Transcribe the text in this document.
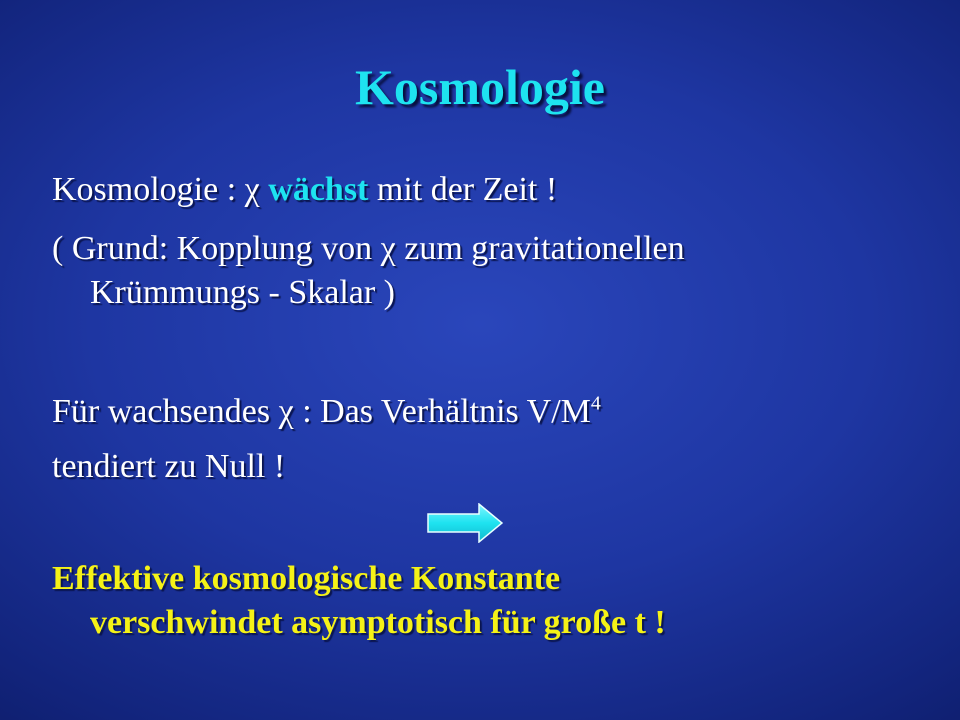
Kosmologie
Kosmologie : χ wächst mit der Zeit !
( Grund: Kopplung von χ zum gravitationellen
Krümmungs - Skalar )
Für wachsendes χ : Das Verhältnis $V/M^4$
tendiert zu Null !
Effektive kosmologische Konstante
verschwindet asymptotisch für große t !
